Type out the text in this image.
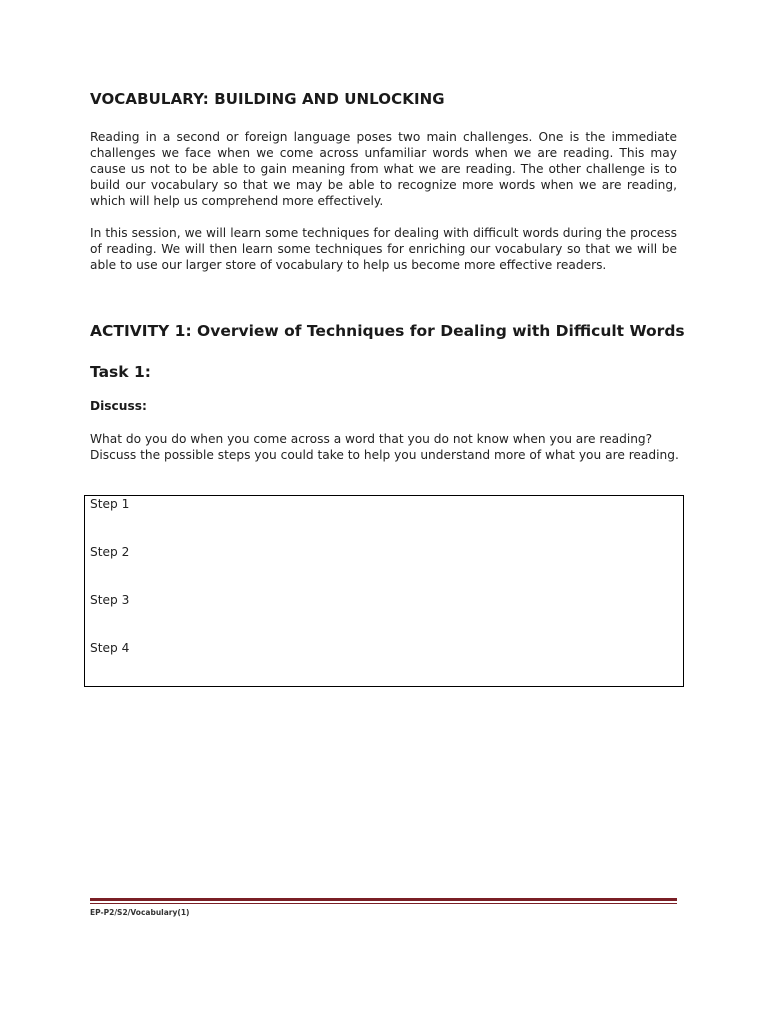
VOCABULARY: BUILDING AND UNLOCKING

Reading in a second or foreign language poses two main challenges. One is the immediate challenges we face when we come across unfamiliar words when we are reading. This may cause us not to be able to gain meaning from what we are reading. The other challenge is to build our vocabulary so that we may be able to recognize more words when we are reading, which will help us comprehend more effectively.

In this session, we will learn some techniques for dealing with difficult words during the process of reading. We will then learn some techniques for enriching our vocabulary so that we will be able to use our larger store of vocabulary to help us become more effective readers.

ACTIVITY 1: Overview of Techniques for Dealing with Difficult Words
Task 1:

Discuss:

What do you do when you come across a word that you do not know when you are reading? Discuss the possible steps you could take to help you understand more of what you are reading.

Step 1

Step 2

Step 3

Step 4

EP-P2/S2/Vocabulary(1)
